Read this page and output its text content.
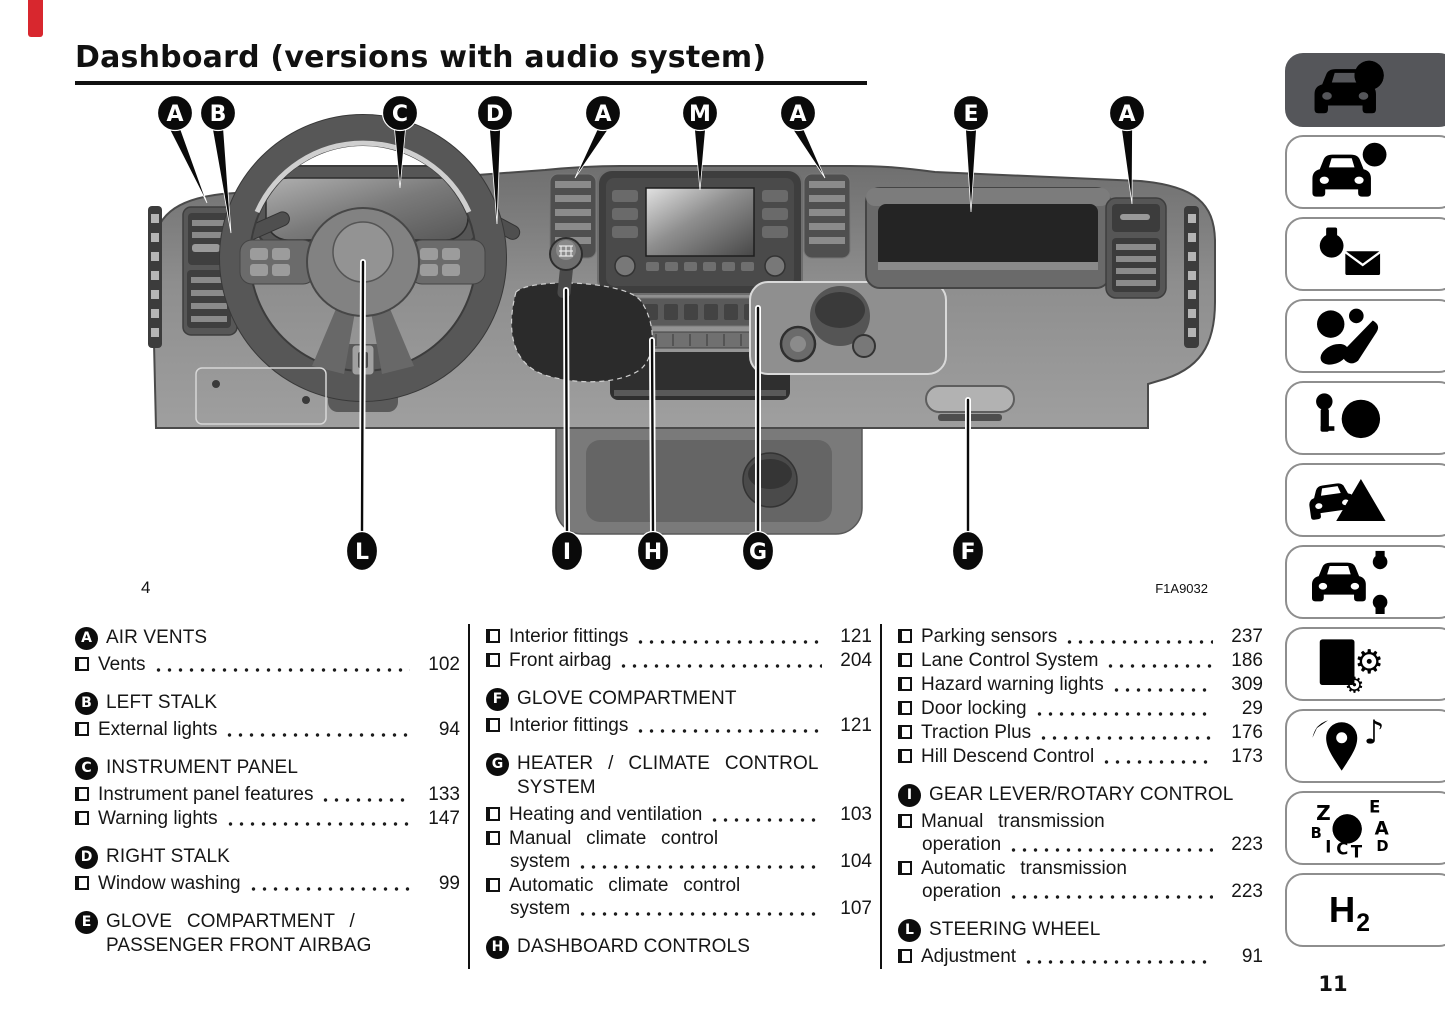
Dashboard (versions with audio system)
A B	C	D	A	M	A	E	A
L	I	H	G	F
4	F1A9032
A AIR VENTS
Vents	102
B LEFT STALK
External lights	94
C INSTRUMENT PANEL
Instrument panel features	133
Warning lights	147
D RIGHT STALK
Window washing	99
E GLOVE COMPARTMENT /
PASSENGER FRONT AIRBAG
Interior fittings	121
Front airbag	204
F GLOVE COMPARTMENT
Interior fittings	121
G HEATER / CLIMATE CONTROL
SYSTEM
Heating and ventilation	103
Manual climate control
system	104
Automatic climate control
system	107
H DASHBOARD CONTROLS
Parking sensors	237
Lane Control System	186
Hazard warning lights	309
Door locking	29
Traction Plus	176
Hill Descend Control	173
I GEAR LEVER/ROTARY CONTROL
Manual transmission
operation	223
Automatic transmission
operation	223
L STEERING WHEEL
Adjustment	91
11
